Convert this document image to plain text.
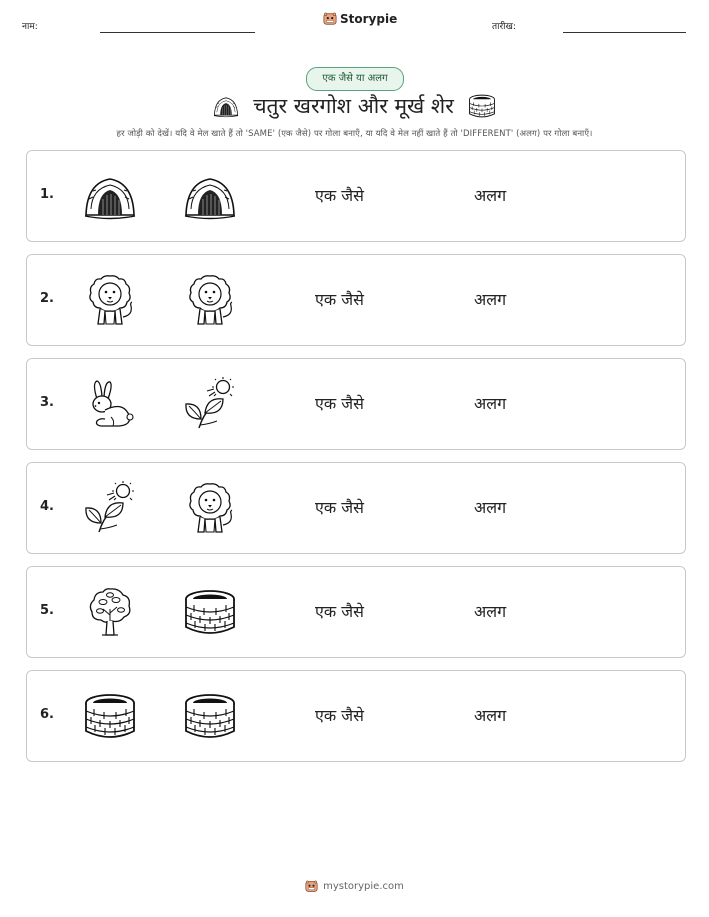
नाम:
Storypie
तारीख:
एक जैसे या अलग
चतुर खरगोश और मूर्ख शेर
हर जोड़ी को देखें। यदि वे मेल खाते हैं तो 'SAME' (एक जैसे) पर गोला बनाएँ, या यदि वे मेल नहीं खाते हैं तो 'DIFFERENT' (अलग) पर गोला बनाएँ।
1.	एक जैसे	अलग
2.	एक जैसे	अलग
3.	एक जैसे	अलग
4.	एक जैसे	अलग
5.	एक जैसे	अलग
6.	एक जैसे	अलग
mystorypie.com
